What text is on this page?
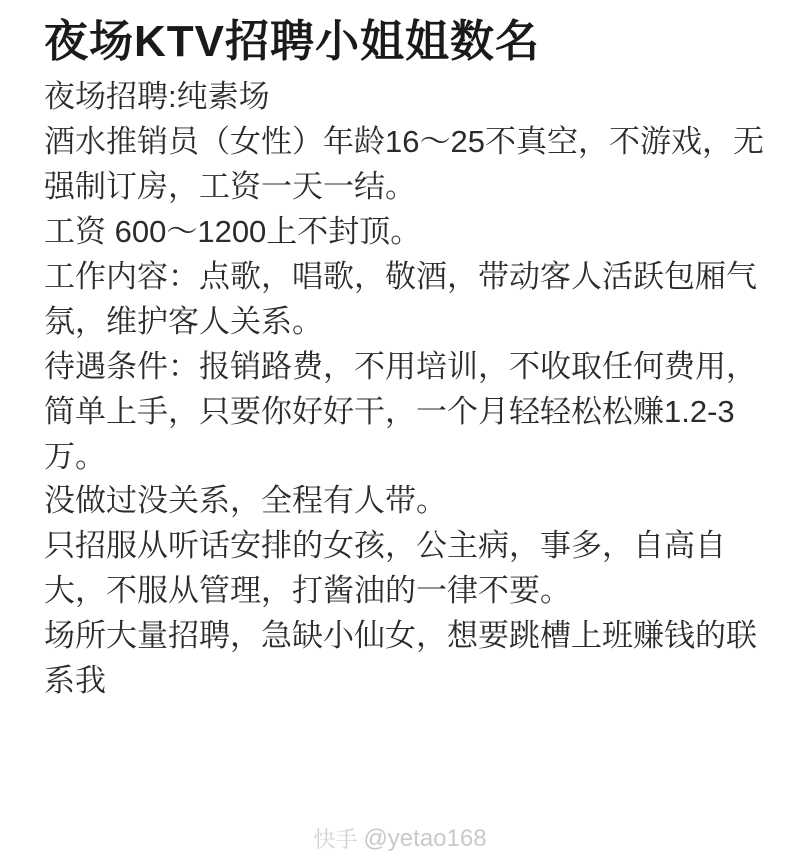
夜场KTV招聘小姐姐数名

夜场招聘:纯素场

酒水推销员（女性）年龄16～25不真空，不游戏，无强制订房，工资一天一结。

工资 600～1200上不封顶。

工作内容：点歌，唱歌，敬酒，带动客人活跃包厢气氛，维护客人关系。

待遇条件：报销路费，不用培训，不收取任何费用，简单上手，只要你好好干，一个月轻轻松松赚1.2-3万。

没做过没关系，全程有人带。

只招服从听话安排的女孩，公主病，事多，自高自大，不服从管理，打酱油的一律不要。

场所大量招聘，急缺小仙女，想要跳槽上班赚钱的联系我

快手 @yetao168
